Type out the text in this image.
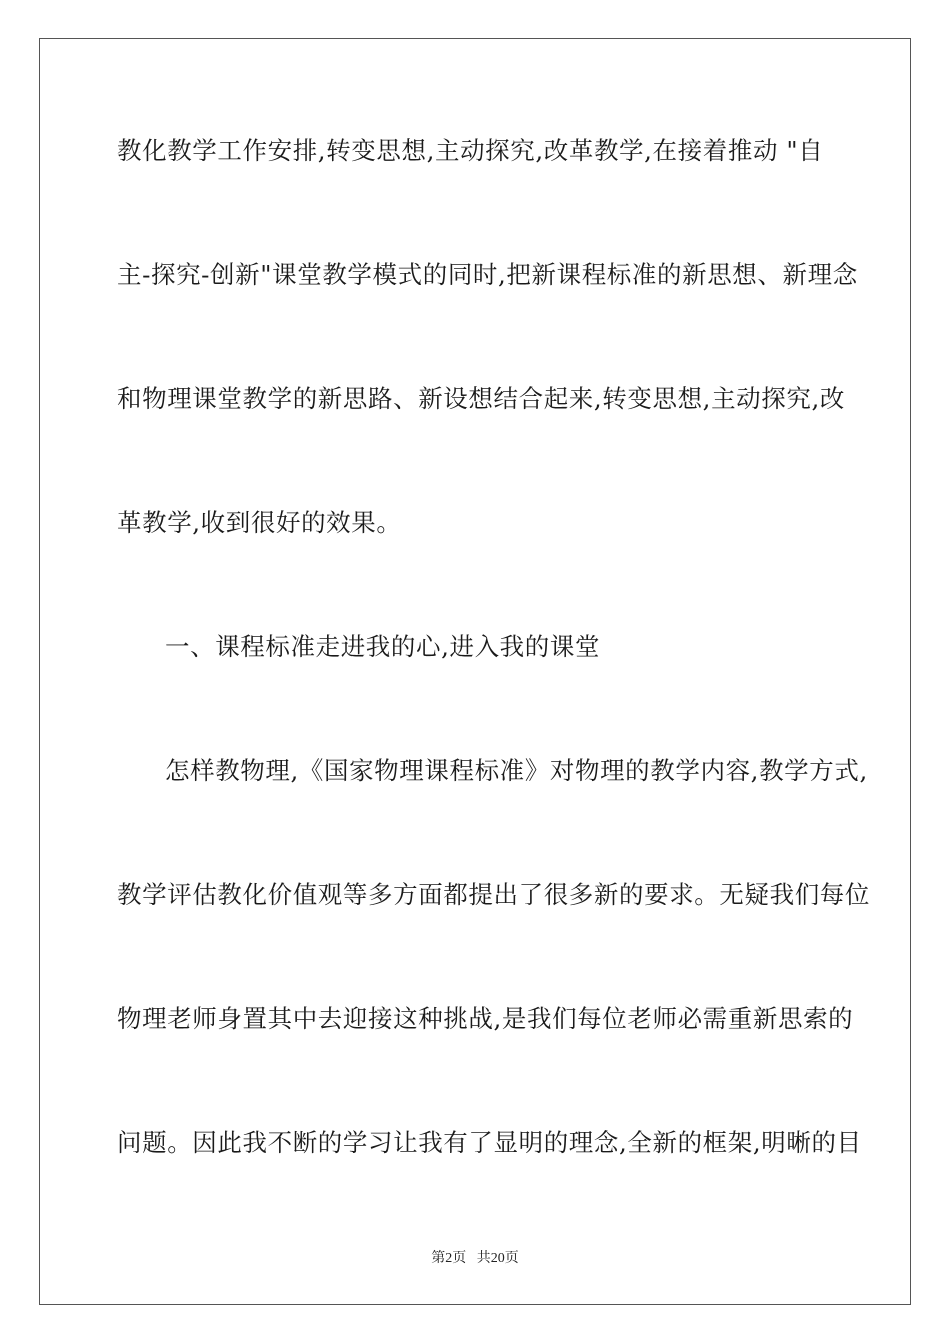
教化教学工作安排,转变思想,主动探究,改革教学,在接着推动 "自

主-探究-创新"课堂教学模式的同时,把新课程标准的新思想、新理念

和物理课堂教学的新思路、新设想结合起来,转变思想,主动探究,改

革教学,收到很好的效果。

一、课程标准走进我的心,进入我的课堂

怎样教物理,《国家物理课程标准》对物理的教学内容,教学方式,

教学评估教化价值观等多方面都提出了很多新的要求。无疑我们每位

物理老师身置其中去迎接这种挑战,是我们每位老师必需重新思索的

问题。因此我不断的学习让我有了显明的理念,全新的框架,明晰的目

第2页 共20页
